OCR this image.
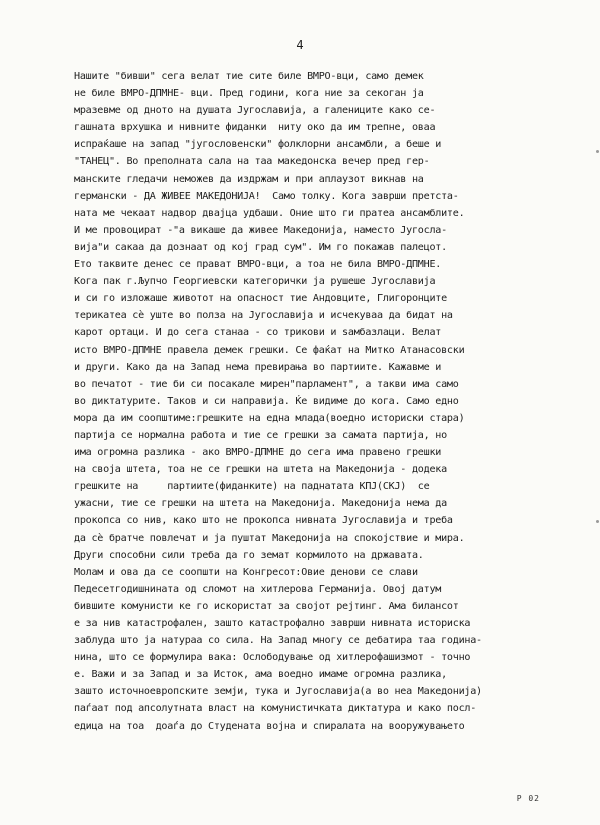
4
Нашите "бивши" сега велат тие сите биле ВМРО-вци, само демек
не биле ВМРО-ДПМНЕ- вци. Пред години, кога ние за секоган ја
мразевме од дното на душата Југославија, а галениците како се-
гашната врхушка и нивните фиданки  ниту око да им трепне, оваа
испраќаше на запад "југословенски" фолклорни ансамбли, а беше и
"ТАНЕЦ". Во преполната сала на таа македонска вечер пред гер-
манските гледачи неможев да издржам и при аплаузот викнав на
германски - ДА ЖИВЕЕ МАКЕДОНИЈА!  Само толку. Кога заврши претста-
ната ме чекаат надвор двајца удбаши. Оние што ги пратеа ансамблите.
И ме провоцират -"а викаше да живее Македонија, наместо Југосла-
вија"и сакаа да дознаат од кој град сум". Им го покажав палецот.
Ето таквите денес се прават ВМРО-вци, а тоа не била ВМРО-ДПМНЕ.
Кога пак г.Љупчо Георгиевски категорички ја рушеше Југославија
и си го изложаше животот на опасност тие Андовците, Глигоронците
терикатеа сѐ уште во полза на Југославија и исчекуваа да бидат на
карот ортаци. И до сега станаа - со трикови и ѕамбазлаци. Велат
исто ВМРО-ДПМНЕ правела демек грешки. Се фаќат на Митко Атанасовски
и други. Како да на Запад нема превирања во партиите. Кажавме и
во печатот - тие би си посакале мирен"парламент", а такви има само
во диктатурите. Таков и си направија. Ќе видиме до кога. Само едно
мора да им соопштиме:грешките на една млада(воедно историски стара)
партија се нормална работа и тие се грешки за самата партија, но
има огромна разлика - ако ВМРО-ДПМНЕ до сега има правено грешки
на своја штета, тоа не се грешки на штета на Македонија - додека
грешките на     партиите(фиданките) на паднатата КПЈ(СКЈ)  се
ужасни, тие се грешки на штета на Македонија. Македонија нема да
прокопса со нив, како што не прокопса нивната Југославија и треба
да сѐ братче повлечат и ја пуштат Македонија на спокојствие и мира.
Други способни сили треба да го земат кормилото на државата.
Молам и ова да се соопшти на Конгресот:Овие денови се слави
Педесетгодишнината од сломот на хитлерова Германија. Овој датум
бившите комунисти ке го искористат за својот рејтинг. Ама билансот
е за нив катастрофален, зашто катастрофално заврши нивната историска
заблуда што ја натураа со сила. На Запад многу се дебатира таа година-
нина, што се формулира вака: Ослободување од хитлерофашизмот - точно
е. Важи и за Запад и за Исток, ама воедно имаме огромна разлика,
зашто источноевропските земји, тука и Југославија(а во неа Македонија)
паѓаат под апсолутната власт на комунистичката диктатура и како посл-
едица на тоа  доаѓа до Студената војна и спиралата на вооружувањето
P 02
